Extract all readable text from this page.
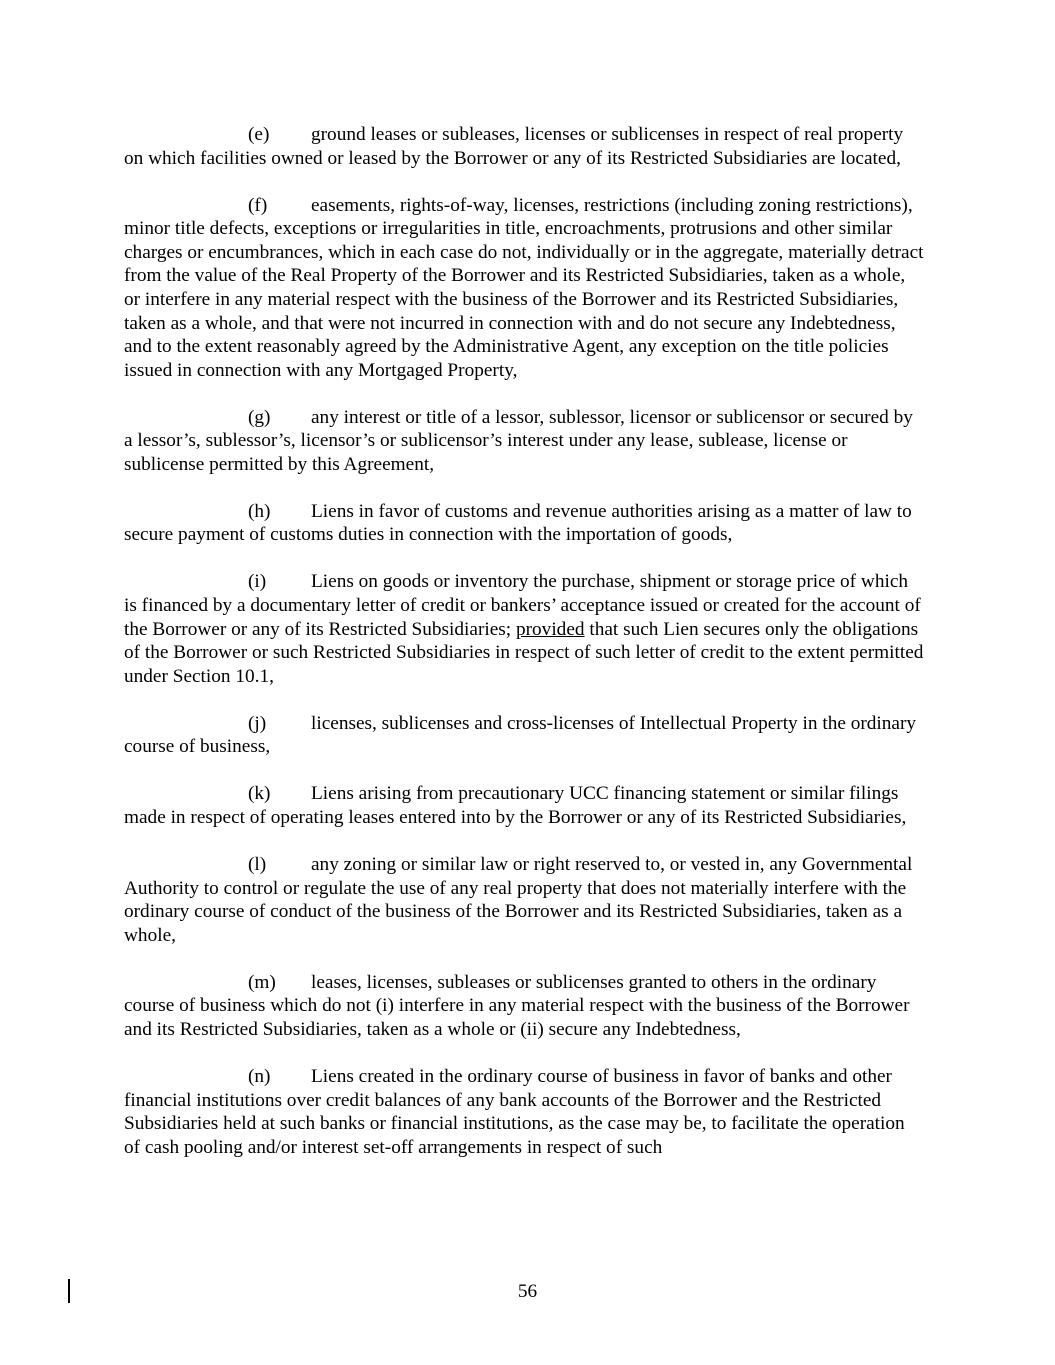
(e) ground leases or subleases, licenses or sublicenses in respect of real property on which facilities owned or leased by the Borrower or any of its Restricted Subsidiaries are located,

(f) easements, rights-of-way, licenses, restrictions (including zoning restrictions), minor title defects, exceptions or irregularities in title, encroachments, protrusions and other similar charges or encumbrances, which in each case do not, individually or in the aggregate, materially detract from the value of the Real Property of the Borrower and its Restricted Subsidiaries, taken as a whole, or interfere in any material respect with the business of the Borrower and its Restricted Subsidiaries, taken as a whole, and that were not incurred in connection with and do not secure any Indebtedness, and to the extent reasonably agreed by the Administrative Agent, any exception on the title policies issued in connection with any Mortgaged Property,

(g) any interest or title of a lessor, sublessor, licensor or sublicensor or secured by a lessor’s, sublessor’s, licensor’s or sublicensor’s interest under any lease, sublease, license or sublicense permitted by this Agreement,

(h) Liens in favor of customs and revenue authorities arising as a matter of law to secure payment of customs duties in connection with the importation of goods,

(i) Liens on goods or inventory the purchase, shipment or storage price of which is financed by a documentary letter of credit or bankers’ acceptance issued or created for the account of the Borrower or any of its Restricted Subsidiaries; provided that such Lien secures only the obligations of the Borrower or such Restricted Subsidiaries in respect of such letter of credit to the extent permitted under Section 10.1,

(j) licenses, sublicenses and cross-licenses of Intellectual Property in the ordinary course of business,

(k) Liens arising from precautionary UCC financing statement or similar filings made in respect of operating leases entered into by the Borrower or any of its Restricted Subsidiaries,

(l) any zoning or similar law or right reserved to, or vested in, any Governmental Authority to control or regulate the use of any real property that does not materially interfere with the ordinary course of conduct of the business of the Borrower and its Restricted Subsidiaries, taken as a whole,

(m) leases, licenses, subleases or sublicenses granted to others in the ordinary course of business which do not (i) interfere in any material respect with the business of the Borrower and its Restricted Subsidiaries, taken as a whole or (ii) secure any Indebtedness,

(n) Liens created in the ordinary course of business in favor of banks and other financial institutions over credit balances of any bank accounts of the Borrower and the Restricted Subsidiaries held at such banks or financial institutions, as the case may be, to facilitate the operation of cash pooling and/or interest set-off arrangements in respect of such

56
